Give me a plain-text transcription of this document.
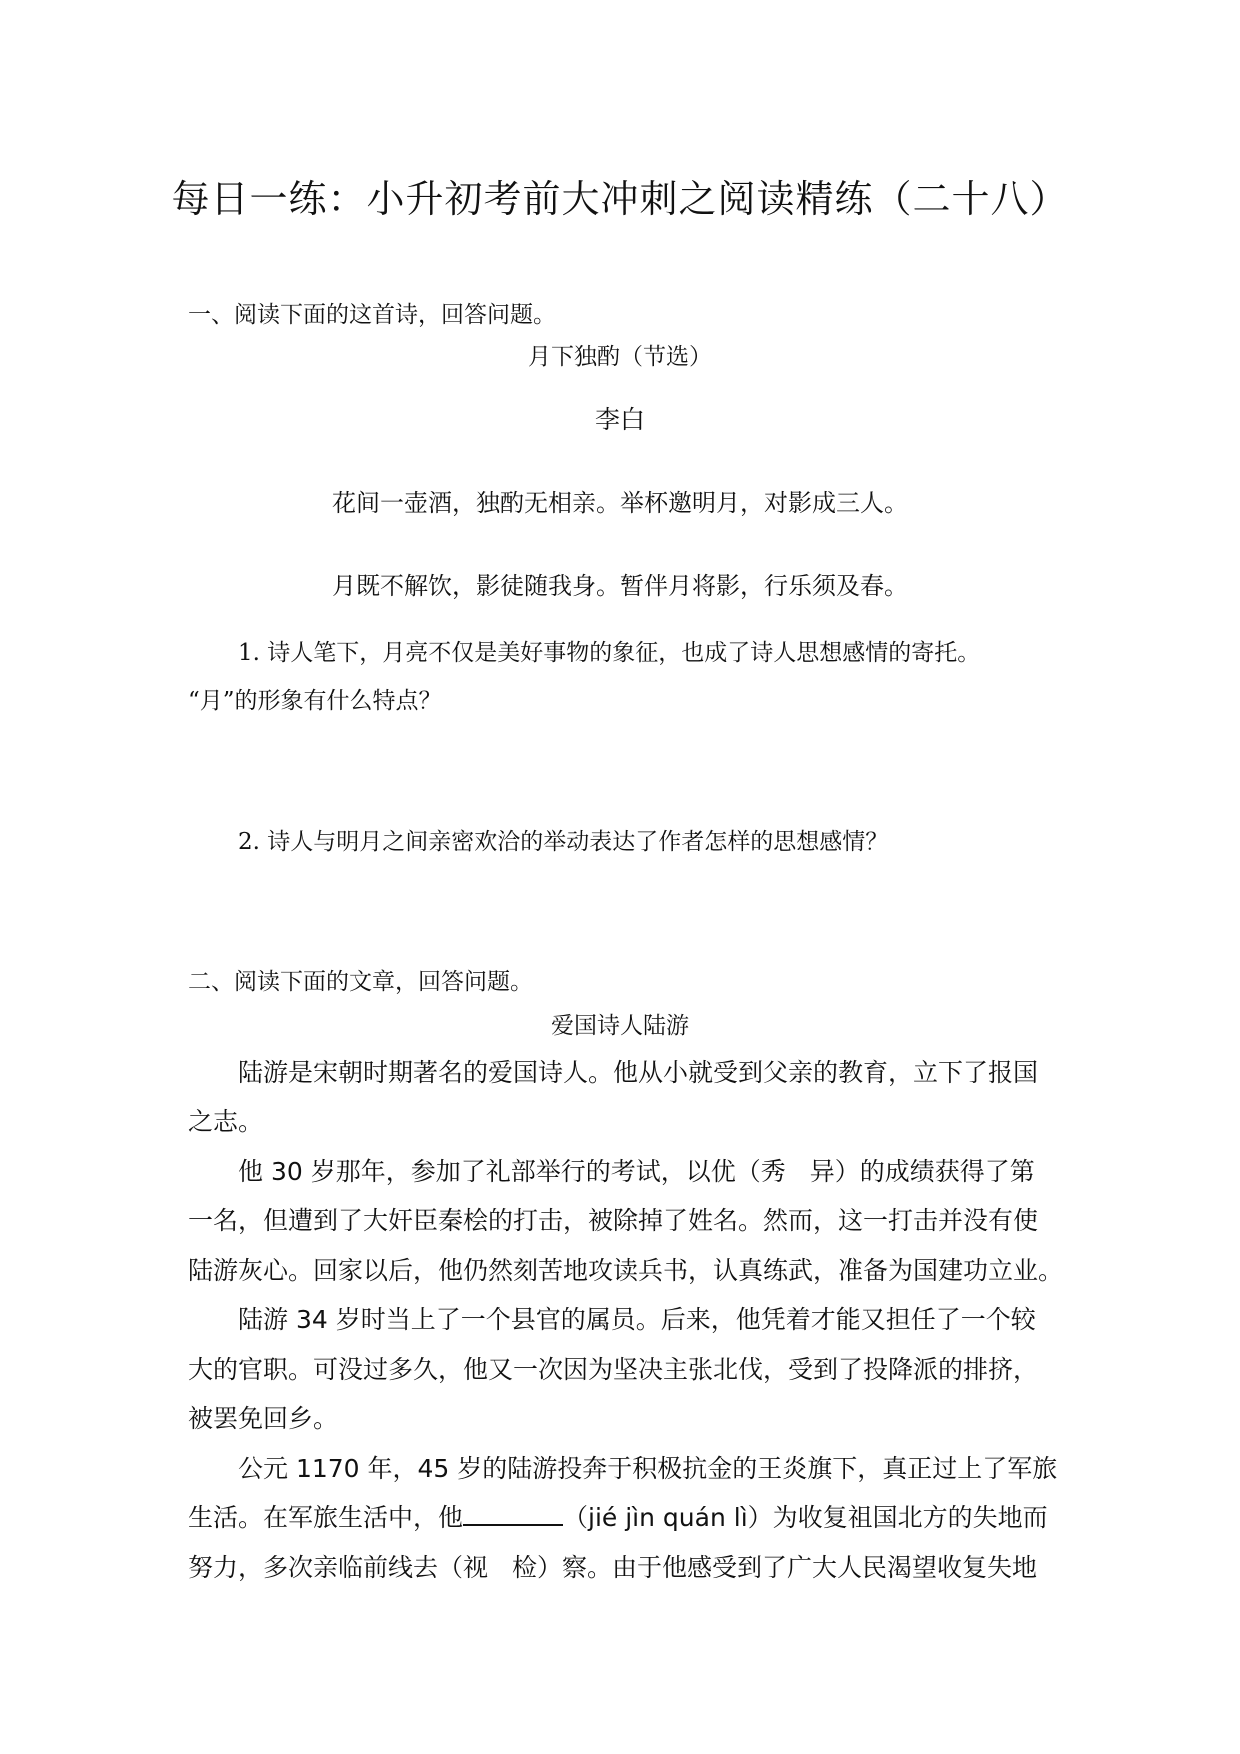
每日一练：小升初考前大冲刺之阅读精练（二十八）
一、阅读下面的这首诗，回答问题。
月下独酌（节选）
李白
花间一壶酒，独酌无相亲。举杯邀明月，对影成三人。
月既不解饮，影徒随我身。暂伴月将影，行乐须及春。
1. 诗人笔下，月亮不仅是美好事物的象征，也成了诗人思想感情的寄托。
“月”的形象有什么特点？
2. 诗人与明月之间亲密欢洽的举动表达了作者怎样的思想感情？
二、阅读下面的文章，回答问题。
爱国诗人陆游
陆游是宋朝时期著名的爱国诗人。他从小就受到父亲的教育，立下了报国
之志。
他 30 岁那年，参加了礼部举行的考试，以优（秀 异）的成绩获得了第
一名，但遭到了大奸臣秦桧的打击，被除掉了姓名。然而，这一打击并没有使
陆游灰心。回家以后，他仍然刻苦地攻读兵书，认真练武，准备为国建功立业。
陆游 34 岁时当上了一个县官的属员。后来，他凭着才能又担任了一个较
大的官职。可没过多久，他又一次因为坚决主张北伐，受到了投降派的排挤，
被罢免回乡。
公元 1170 年，45 岁的陆游投奔于积极抗金的王炎旗下，真正过上了军旅
生活。在军旅生活中，他	（jié jìn quán lì）为收复祖国北方的失地而
努力，多次亲临前线去（视 检）察。由于他感受到了广大人民渴望收复失地
